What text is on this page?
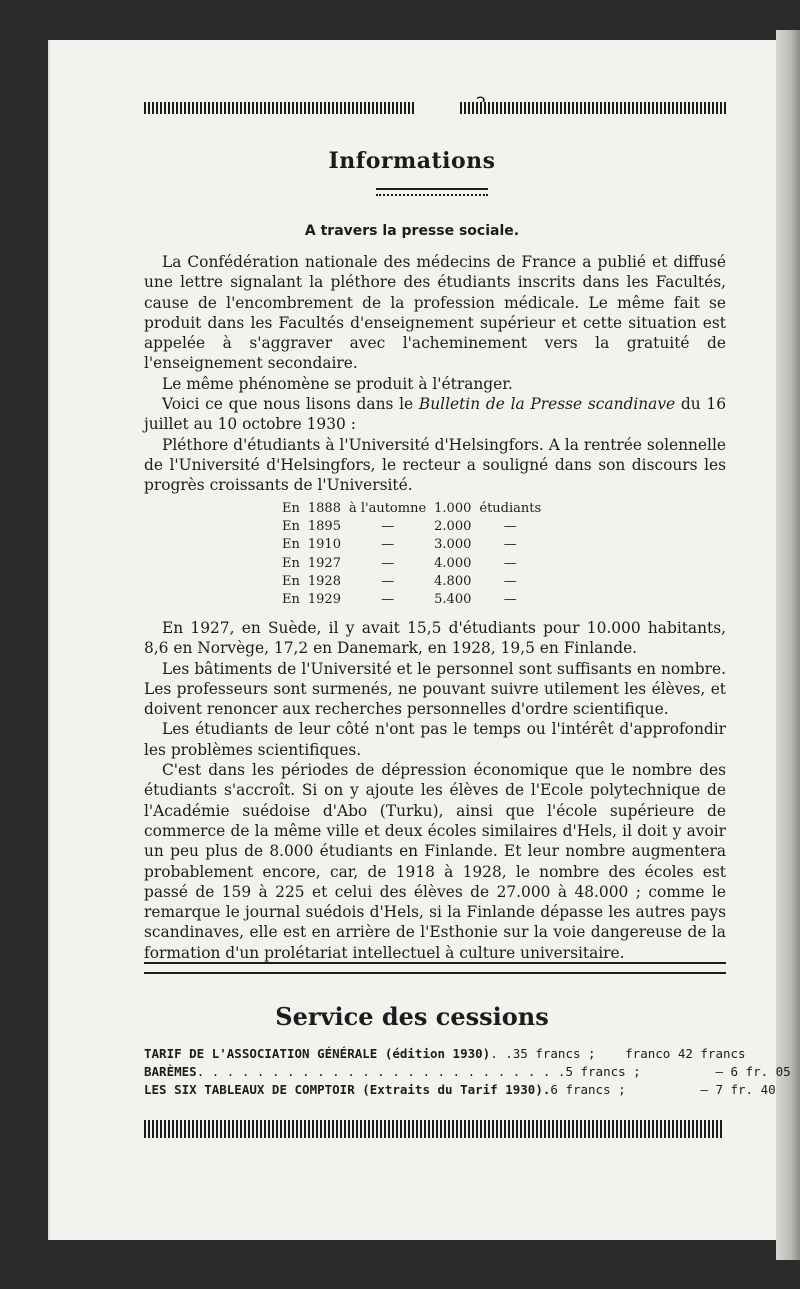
Informations
A travers la presse sociale.

La Confédération nationale des médecins de France a publié et diffusé une lettre signalant la pléthore des étudiants inscrits dans les Facultés, cause de l'encombrement de la profession médicale. Le même fait se produit dans les Facultés d'enseignement supérieur et cette situation est appelée à s'aggraver avec l'acheminement vers la gratuité de l'enseignement secondaire.

Le même phénomène se produit à l'étranger.

Voici ce que nous lisons dans le Bulletin de la Presse scandinave du 16 juillet au 10 octobre 1930 :

Pléthore d'étudiants à l'Université d'Helsingfors. A la rentrée solennelle de l'Université d'Helsingfors, le recteur a souligné dans son discours les progrès croissants de l'Université.

En	1888	à l'automne	1.000	étudiants
En	1895	—	2.000	—
En	1910	—	3.000	—
En	1927	—	4.000	—
En	1928	—	4.800	—
En	1929	—	5.400	—

En 1927, en Suède, il y avait 15,5 d'étudiants pour 10.000 habitants, 8,6 en Norvège, 17,2 en Danemark, en 1928, 19,5 en Finlande.

Les bâtiments de l'Université et le personnel sont suffisants en nombre. Les professeurs sont surmenés, ne pouvant suivre utilement les élèves, et doivent renoncer aux recherches personnelles d'ordre scientifique.

Les étudiants de leur côté n'ont pas le temps ou l'intérêt d'approfondir les problèmes scientifiques.

C'est dans les périodes de dépression économique que le nombre des étudiants s'accroît. Si on y ajoute les élèves de l'Ecole polytechnique de l'Académie suédoise d'Abo (Turku), ainsi que l'école supérieure de commerce de la même ville et deux écoles similaires d'Hels, il doit y avoir un peu plus de 8.000 étudiants en Finlande. Et leur nombre augmentera probablement encore, car, de 1918 à 1928, le nombre des écoles est passé de 159 à 225 et celui des élèves de 27.000 à 48.000 ; comme le remarque le journal suédois d'Hels, si la Finlande dépasse les autres pays scandinaves, elle est en arrière de l'Esthonie sur la voie dangereuse de la formation d'un prolétariat intellectuel à culture universitaire.

Service des cessions
TARIF DE L'ASSOCIATION GÉNÉRALE (édition 1930) . . 35 francs ;	franco 42 francs
BARÈMES . . . . . . . . . . . . . . . . . . . . . . . . . 5 francs ;	— 6 fr. 05
LES SIX TABLEAUX DE COMPTOIR (Extraits du Tarif 1930). 6 francs ;	— 7 fr. 40
